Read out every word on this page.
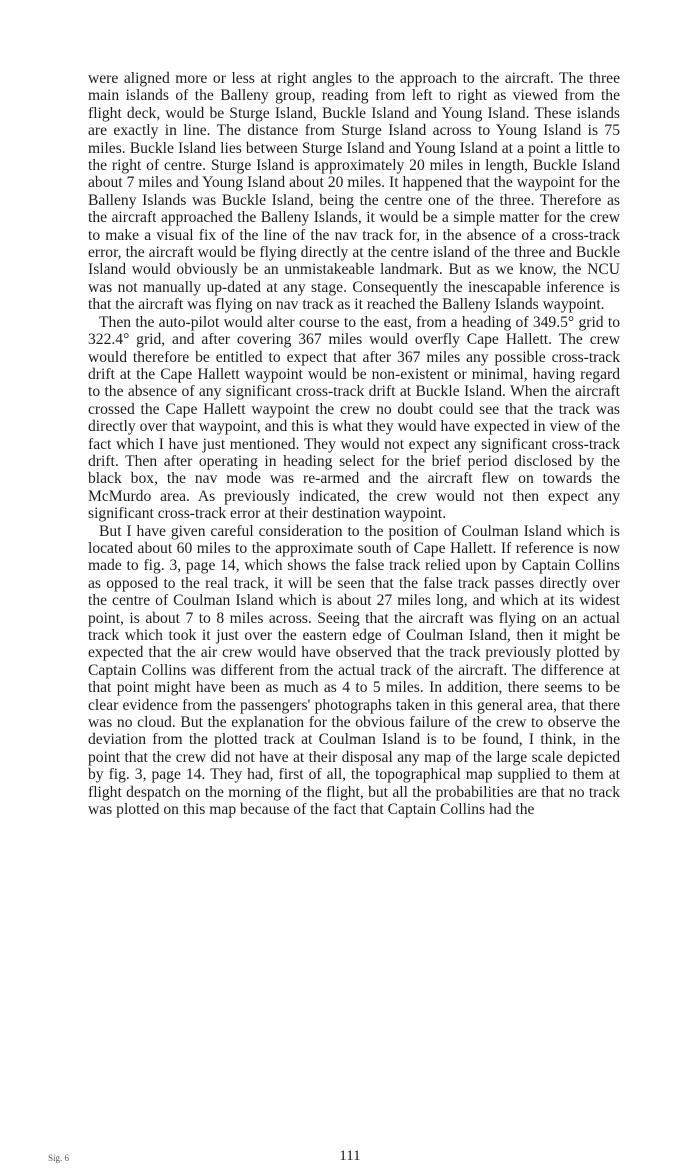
were aligned more or less at right angles to the approach to the aircraft. The three main islands of the Balleny group, reading from left to right as viewed from the flight deck, would be Sturge Island, Buckle Island and Young Island. These islands are exactly in line. The distance from Sturge Island across to Young Island is 75 miles. Buckle Island lies between Sturge Island and Young Island at a point a little to the right of centre. Sturge Island is approximately 20 miles in length, Buckle Island about 7 miles and Young Island about 20 miles. It happened that the waypoint for the Balleny Islands was Buckle Island, being the centre one of the three. Therefore as the aircraft approached the Balleny Islands, it would be a simple matter for the crew to make a visual fix of the line of the nav track for, in the absence of a cross-track error, the aircraft would be flying directly at the centre island of the three and Buckle Island would obviously be an unmistakeable landmark. But as we know, the NCU was not manually up-dated at any stage. Consequently the inescapable inference is that the aircraft was flying on nav track as it reached the Balleny Islands waypoint.

Then the auto-pilot would alter course to the east, from a heading of 349.5° grid to 322.4° grid, and after covering 367 miles would overfly Cape Hallett. The crew would therefore be entitled to expect that after 367 miles any possible cross-track drift at the Cape Hallett waypoint would be non-existent or minimal, having regard to the absence of any significant cross-track drift at Buckle Island. When the aircraft crossed the Cape Hallett waypoint the crew no doubt could see that the track was directly over that waypoint, and this is what they would have expected in view of the fact which I have just mentioned. They would not expect any significant cross-track drift. Then after operating in heading select for the brief period disclosed by the black box, the nav mode was re-armed and the aircraft flew on towards the McMurdo area. As previously indicated, the crew would not then expect any significant cross-track error at their destination waypoint.

But I have given careful consideration to the position of Coulman Island which is located about 60 miles to the approximate south of Cape Hallett. If reference is now made to fig. 3, page 14, which shows the false track relied upon by Captain Collins as opposed to the real track, it will be seen that the false track passes directly over the centre of Coulman Island which is about 27 miles long, and which at its widest point, is about 7 to 8 miles across. Seeing that the aircraft was flying on an actual track which took it just over the eastern edge of Coulman Island, then it might be expected that the air crew would have observed that the track previously plotted by Captain Collins was different from the actual track of the aircraft. The difference at that point might have been as much as 4 to 5 miles. In addition, there seems to be clear evidence from the passengers' photographs taken in this general area, that there was no cloud. But the explanation for the obvious failure of the crew to observe the deviation from the plotted track at Coulman Island is to be found, I think, in the point that the crew did not have at their disposal any map of the large scale depicted by fig. 3, page 14. They had, first of all, the topographical map supplied to them at flight despatch on the morning of the flight, but all the probabilities are that no track was plotted on this map because of the fact that Captain Collins had the

Sig. 6	111
